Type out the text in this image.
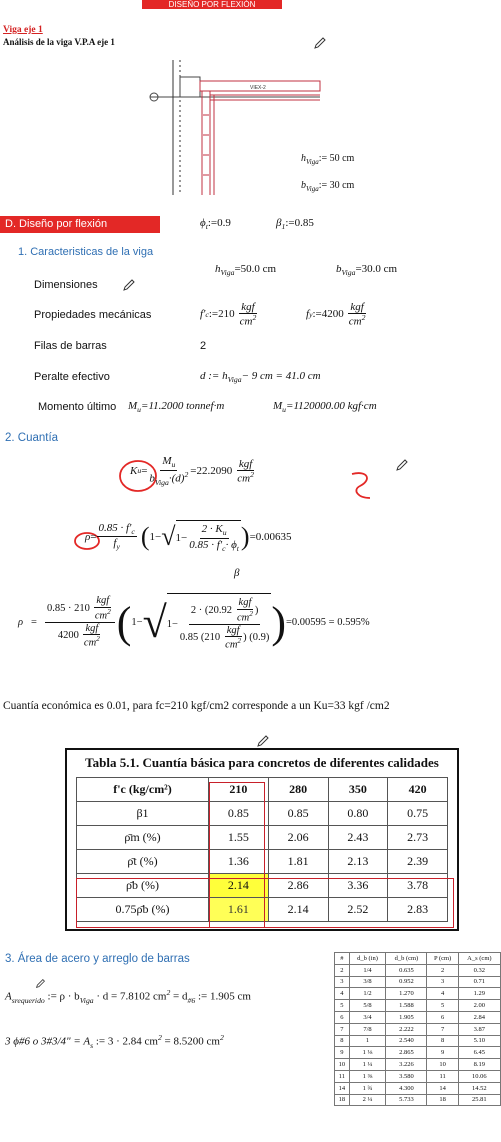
DISEÑO POR FLEXIÓN
Viga eje 1
Análisis de la viga V.P.A eje 1
VIEX-2
$h_{Viga}:= 50$ cm
$b_{Viga}:= 30$ cm
D. Diseño por flexión	$\phi_t:=0.9$	$\beta_1:=0.85$
1. Caracteristicas de la viga
$h_{Viga}=50.0$ cm	$b_{Viga}=30.0$ cm
Dimensiones
Propiedades mecánicas	f' c :=210 $\frac{\text{kgf}}{cm^2}$	f y :=4200 $\frac{\text{kgf}}{cm^2}$
Filas de barras	2
Peralte efectivo	d := $h_{Viga}- 9$ cm = 41.0 cm
Momento último $M_u=11.2000$ tonnef·m	$M_u=1120000.00$ kgf·cm
2. Cuantía
K $u = \frac{M_u}{b_{Viga}\cdot(d)^2} =22.2090 \frac{\text{kgf}}{cm^2}$
$\rho = \frac{0.85 \cdot f'_c}{f_y}$ ( 1− √ $1- \frac{2 \cdot K_u}{0.85 \cdot f'_c\cdot \phi_t}$ ) =0.00635
β
$\rho = \frac{0.85 \cdot 210 \frac{\text{kgf}}{cm^2}}{4200 \frac{\text{kgf}}{cm^2}}$ ( 1− √ $1- \frac{2 \cdot (20.92 \frac{\text{kgf}}{cm^2} )}{0.85 ( 210 \frac{\text{kgf}}{cm^2} ) (0.9)}$ ) =0.00595 = 0.595%
Cuantía económica es 0.01, para fc=210 kgf/cm2 corresponde a un Ku=33 kgf /cm2
Tabla 5.1. Cuantía básica para concretos de diferentes calidades
f'c (kg/cm²)	210	280	350	420
β1	0.85	0.85	0.80	0.75
ρ̄m (%)	1.55	2.06	2.43	2.73
ρ̄t (%)	1.36	1.81	2.13	2.39
ρ̄b (%)	2.14	2.86	3.36	3.78
0.75ρ̄b (%)	1.61	2.14	2.52	2.83
3. Área de acero y arreglo de barras
$A_{srequerido}$ := $\rho \cdot b_{Viga} \cdot d = 7.8102$ $cm^2 = d_{\#6}$ := 1.905 cm
3 ϕ#6 o 3#3/4" = $A_s$ := 3 · 2.84 $cm^2 = 8.5200$ $cm^2$
#	d_b (in)	d_b (cm)	P (cm)	A_s (cm)
2	1/4	0.635	2	0.32
3	3/8	0.952	3	0.71
4	1/2	1.270	4	1.29
5	5/8	1.588	5	2.00
6	3/4	1.905	6	2.84
7	7/8	2.222	7	3.87
8	1	2.540	8	5.10
9	1 ⅛	2.865	9	6.45
10	1 ¼	3.226	10	8.19
11	1 ⅜	3.580	11	10.06
14	1 ¾	4.300	14	14.52
18	2 ¼	5.733	18	25.81
